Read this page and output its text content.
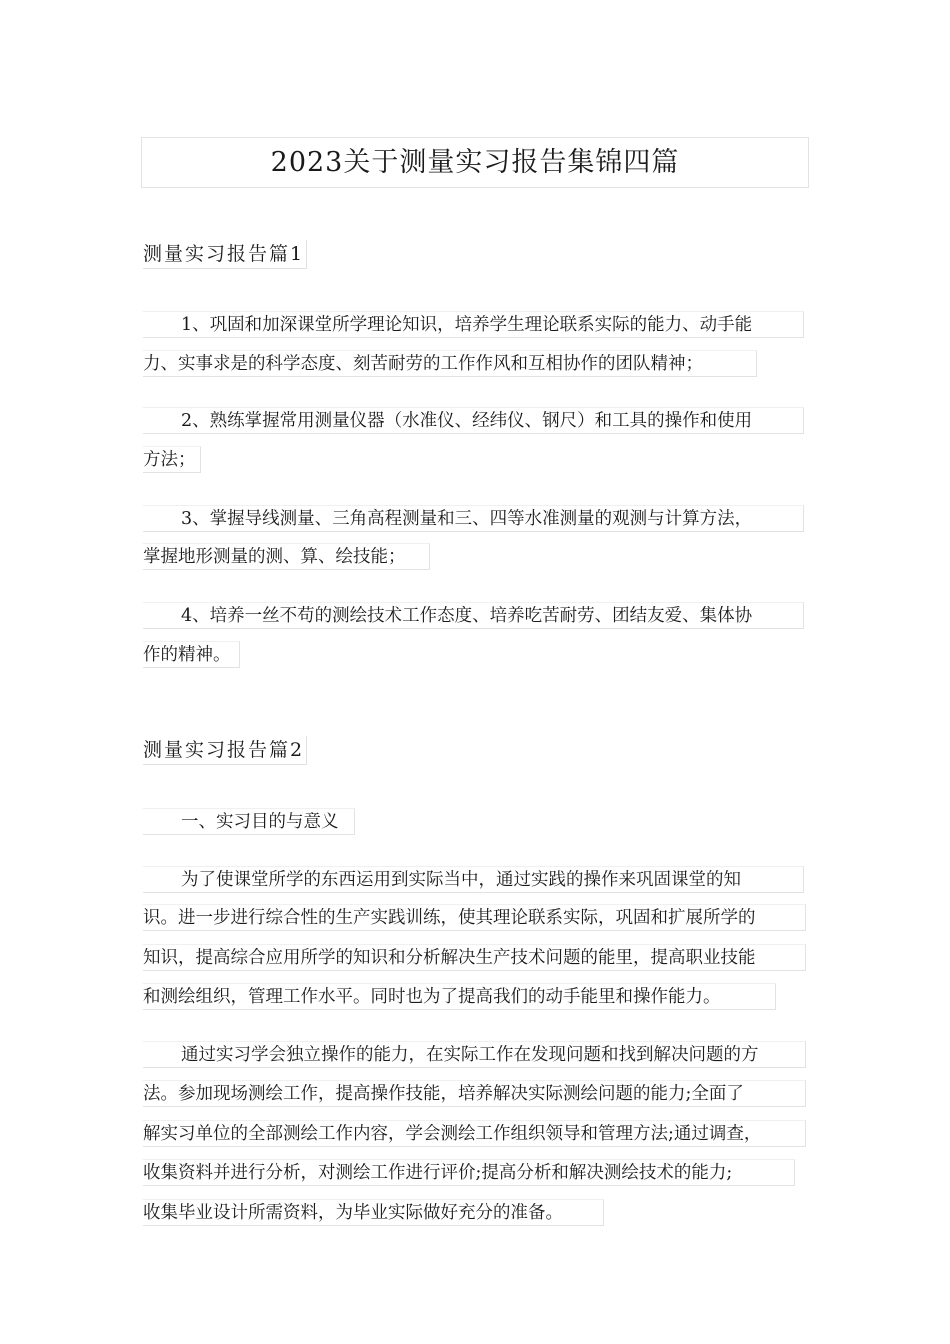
2023关于测量实习报告集锦四篇
测量实习报告篇1
1、巩固和加深课堂所学理论知识，培养学生理论联系实际的能力、动手能
力、实事求是的科学态度、刻苦耐劳的工作作风和互相协作的团队精神；
2、熟练掌握常用测量仪器（水准仪、经纬仪、钢尺）和工具的操作和使用
方法；
3、掌握导线测量、三角高程测量和三、四等水准测量的观测与计算方法，
掌握地形测量的测、算、绘技能；
4、培养一丝不苟的测绘技术工作态度、培养吃苦耐劳、团结友爱、集体协
作的精神。
测量实习报告篇2
一、实习目的与意义
为了使课堂所学的东西运用到实际当中，通过实践的操作来巩固课堂的知
识。进一步进行综合性的生产实践训练，使其理论联系实际，巩固和扩展所学的
知识，提高综合应用所学的知识和分析解决生产技术问题的能里，提高职业技能
和测绘组织，管理工作水平。同时也为了提高我们的动手能里和操作能力。
通过实习学会独立操作的能力，在实际工作在发现问题和找到解决问题的方
法。参加现场测绘工作，提高操作技能，培养解决实际测绘问题的能力;全面了
解实习单位的全部测绘工作内容，学会测绘工作组织领导和管理方法;通过调查，
收集资料并进行分析，对测绘工作进行评价;提高分析和解决测绘技术的能力;
收集毕业设计所需资料，为毕业实际做好充分的准备。
